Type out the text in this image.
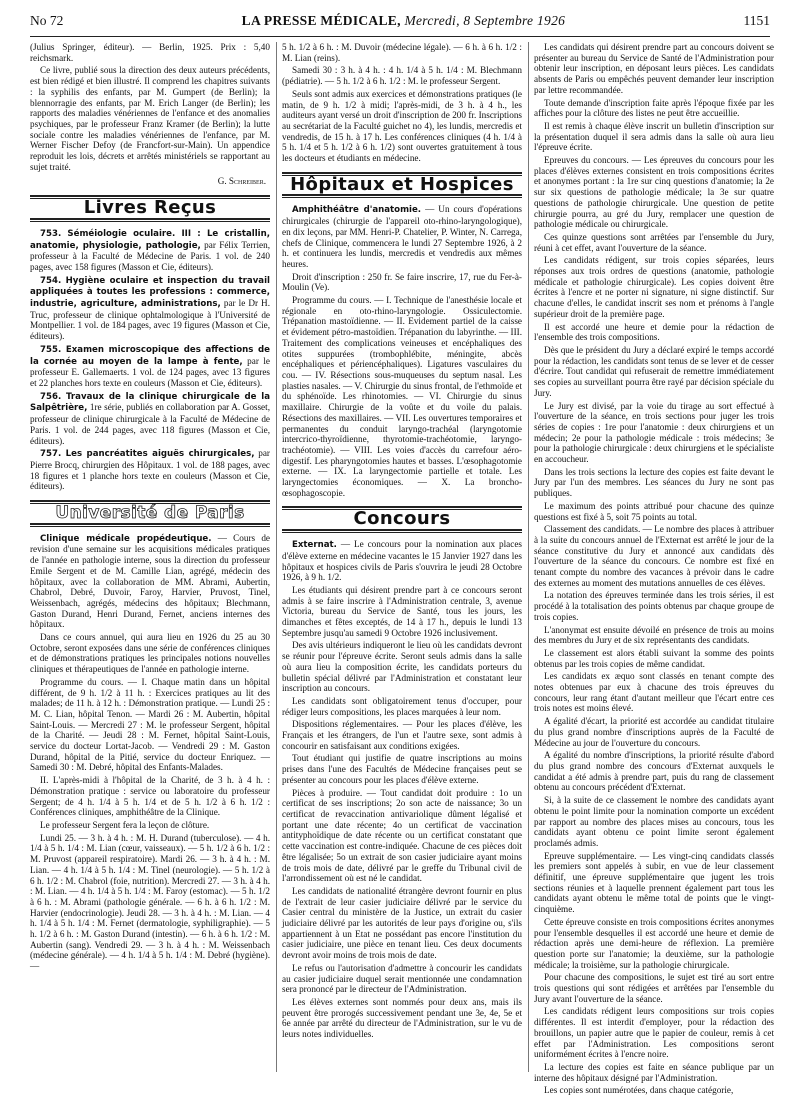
No 72	LA PRESSE MÉDICALE, Mercredi, 8 Septembre 1926	1151

(Julius Springer, éditeur). — Berlin, 1925. Prix : 5,40 reichsmark.

Ce livre, publié sous la direction des deux auteurs précédents, est bien rédigé et bien illustré. Il comprend les chapitres suivants : la syphilis des enfants, par M. Gumpert (de Berlin); la blennorragie des enfants, par M. Erich Langer (de Berlin); les rapports des maladies vénériennes de l'enfance et des anomalies psychiques, par le professeur Franz Kramer (de Berlin); la lutte sociale contre les maladies vénériennes de l'enfance, par M. Werner Fischer Defoy (de Francfort-sur-Main). Un appendice reproduit les lois, décrets et arrêtés ministériels se rapportant au sujet traité.

G. Schreiber.
Livres Reçus

753. Séméiologie oculaire. III : Le cristallin, anatomie, physiologie, pathologie, par Félix Terrien, professeur à la Faculté de Médecine de Paris. 1 vol. de 240 pages, avec 158 figures (Masson et Cie, éditeurs).

754. Hygiène oculaire et inspection du travail appliquées à toutes les professions : commerce, industrie, agriculture, administrations, par le Dr H. Truc, professeur de clinique ophtalmologique à l'Université de Montpellier. 1 vol. de 184 pages, avec 19 figures (Masson et Cie, éditeurs).

755. Examen microscopique des affections de la cornée au moyen de la lampe à fente, par le professeur E. Gallemaerts. 1 vol. de 124 pages, avec 13 figures et 22 planches hors texte en couleurs (Masson et Cie, éditeurs).

756. Travaux de la clinique chirurgicale de la Salpêtrière, 1re série, publiés en collaboration par A. Gosset, professeur de clinique chirurgicale à la Faculté de Médecine de Paris. 1 vol. de 244 pages, avec 118 figures (Masson et Cie, éditeurs).

757. Les pancréatites aiguës chirurgicales, par Pierre Brocq, chirurgien des Hôpitaux. 1 vol. de 188 pages, avec 18 figures et 1 planche hors texte en couleurs (Masson et Cie, éditeurs).

Université de Paris

Clinique médicale propédeutique. — Cours de revision d'une semaine sur les acquisitions médicales pratiques de l'année en pathologie interne, sous la direction du professeur Emile Sergent et de M. Camille Lian, agrégé, médecin des hôpitaux, avec la collaboration de MM. Abrami, Aubertin, Chabrol, Debré, Duvoir, Faroy, Harvier, Pruvost, Tinel, Weissenbach, agrégés, médecins des hôpitaux; Blechmann, Gaston Durand, Henri Durand, Fernet, anciens internes des hôpitaux.

Dans ce cours annuel, qui aura lieu en 1926 du 25 au 30 Octobre, seront exposées dans une série de conférences cliniques et de démonstrations pratiques les principales notions nouvelles cliniques et thérapeutiques de l'année en pathologie interne.

Programme du cours. — I. Chaque matin dans un hôpital différent, de 9 h. 1/2 à 11 h. : Exercices pratiques au lit des malades; de 11 h. à 12 h. : Démonstration pratique. — Lundi 25 : M. C. Lian, hôpital Tenon. — Mardi 26 : M. Aubertin, hôpital Saint-Louis. — Mercredi 27 : M. le professeur Sergent, hôpital de la Charité. — Jeudi 28 : M. Fernet, hôpital Saint-Louis, service du docteur Lortat-Jacob. — Vendredi 29 : M. Gaston Durand, hôpital de la Pitié, service du docteur Enriquez. — Samedi 30 : M. Debré, hôpital des Enfants-Malades.

II. L'après-midi à l'hôpital de la Charité, de 3 h. à 4 h. : Démonstration pratique : service ou laboratoire du professeur Sergent; de 4 h. 1/4 à 5 h. 1/4 et de 5 h. 1/2 à 6 h. 1/2 : Conférences cliniques, amphithéâtre de la Clinique.

Le professeur Sergent fera la leçon de clôture.

Lundi 25. — 3 h. à 4 h. : M. H. Durand (tuberculose). — 4 h. 1/4 à 5 h. 1/4 : M. Lian (cœur, vaisseaux). — 5 h. 1/2 à 6 h. 1/2 : M. Pruvost (appareil respiratoire). Mardi 26. — 3 h. à 4 h. : M. Lian. — 4 h. 1/4 à 5 h. 1/4 : M. Tinel (neurologie). — 5 h. 1/2 à 6 h. 1/2 : M. Chabrol (foie, nutrition). Mercredi 27. — 3 h. à 4 h. : M. Lian. — 4 h. 1/4 à 5 h. 1/4 : M. Faroy (estomac). — 5 h. 1/2 à 6 h. : M. Abrami (pathologie générale. — 6 h. à 6 h. 1/2 : M. Harvier (endocrinologie). Jeudi 28. — 3 h. à 4 h. : M. Lian. — 4 h. 1/4 à 5 h. 1/4 : M. Fernet (dermatologie, syphiligraphie). — 5 h. 1/2 à 6 h. : M. Gaston Durand (intestin). — 6 h. à 6 h. 1/2 : M. Aubertin (sang). Vendredi 29. — 3 h. à 4 h. : M. Weissenbach (médecine générale). — 4 h. 1/4 à 5 h. 1/4 : M. Debré (hygiène). —

5 h. 1/2 à 6 h. : M. Duvoir (médecine légale). — 6 h. à 6 h. 1/2 : M. Lian (reins).

Samedi 30 : 3 h. à 4 h. : 4 h. 1/4 à 5 h. 1/4 : M. Blechmann (pédiatrie). — 5 h. 1/2 à 6 h. 1/2 : M. le professeur Sergent.

Seuls sont admis aux exercices et démonstrations pratiques (le matin, de 9 h. 1/2 à midi; l'après-midi, de 3 h. à 4 h., les auditeurs ayant versé un droit d'inscription de 200 fr. Inscriptions au secrétariat de la Faculté guichet no 4), les lundis, mercredis et vendredis, de 15 h. à 17 h. Les conférences cliniques (4 h. 1/4 à 5 h. 1/4 et 5 h. 1/2 à 6 h. 1/2) sont ouvertes gratuitement à tous les docteurs et étudiants en médecine.

Hôpitaux et Hospices

Amphithéâtre d'anatomie. — Un cours d'opérations chirurgicales (chirurgie de l'appareil oto-rhino-laryngologique), en dix leçons, par MM. Henri-P. Chatelier, P. Winter, N. Carrega, chefs de Clinique, commencera le lundi 27 Septembre 1926, à 2 h. et continuera les lundis, mercredis et vendredis aux mêmes heures.

Droit d'inscription : 250 fr. Se faire inscrire, 17, rue du Fer-à-Moulin (Ve).

Programme du cours. — I. Technique de l'anesthésie locale et régionale en oto-rhino-laryngologie. Ossiculectomie. Trépanation mastoïdienne. — II. Evidement partiel de la caisse et évidement pétro-mastoïdien. Trépanation du labyrinthe. — III. Traitement des complications veineuses et encéphaliques des otites suppurées (trombophlébite, méningite, abcès encéphaliques et périencéphaliques). Ligatures vasculaires du cou. — IV. Résections sous-muqueuses du septum nasal. Les plasties nasales. — V. Chirurgie du sinus frontal, de l'ethmoïde et du sphénoïde. Les rhinotomies. — VI. Chirurgie du sinus maxillaire. Chirurgie de la voûte et du voile du palais. Résections des maxillaires. — VII. Les ouvertures temporaires et permanentes du conduit laryngo-trachéal (laryngotomie intercrico-thyroïdienne, thyrotomie-trachéotomie, laryngo-trachéotomie). — VIII. Les voies d'accès du carrefour aéro-digestif. Les pharyngotomies hautes et basses. L'œsophagotomie externe. — IX. La laryngectomie partielle et totale. Les laryngectomies économiques. — X. La broncho-œsophagoscopie.

Concours

Externat. — Le concours pour la nomination aux places d'élève externe en médecine vacantes le 15 Janvier 1927 dans les hôpitaux et hospices civils de Paris s'ouvrira le jeudi 28 Octobre 1926, à 9 h. 1/2.

Les étudiants qui désirent prendre part à ce concours seront admis à se faire inscrire à l'Administration centrale, 3, avenue Victoria, bureau du Service de Santé, tous les jours, les dimanches et fêtes exceptés, de 14 à 17 h., depuis le lundi 13 Septembre jusqu'au samedi 9 Octobre 1926 inclusivement.

Des avis ultérieurs indiqueront le lieu où les candidats devront se réunir pour l'épreuve écrite. Seront seuls admis dans la salle où aura lieu la composition écrite, les candidats porteurs du bulletin spécial délivré par l'Administration et constatant leur inscription au concours.

Les candidats sont obligatoirement tenus d'occuper, pour rédiger leurs compositions, les places marquées à leur nom.

Dispositions réglementaires. — Pour les places d'élève, les Français et les étrangers, de l'un et l'autre sexe, sont admis à concourir en satisfaisant aux conditions exigées.

Tout étudiant qui justifie de quatre inscriptions au moins prises dans l'une des Facultés de Médecine françaises peut se présenter au concours pour les places d'élève externe.

Pièces à produire. — Tout candidat doit produire : 1o un certificat de ses inscriptions; 2o son acte de naissance; 3o un certificat de revaccination antivariolique dûment légalisé et portant une date récente; 4o un certificat de vaccination antityphoïdique de date récente ou un certificat constatant que cette vaccination est contre-indiquée. Chacune de ces pièces doit être légalisée; 5o un extrait de son casier judiciaire ayant moins de trois mois de date, délivré par le greffe du Tribunal civil de l'arrondissement où est né le candidat.

Les candidats de nationalité étrangère devront fournir en plus de l'extrait de leur casier judiciaire délivré par le service du Casier central du ministère de la Justice, un extrait du casier judiciaire délivré par les autorités de leur pays d'origine ou, s'ils appartiennent à un Etat ne possédant pas encore l'institution du casier judiciaire, une pièce en tenant lieu. Ces deux documents devront avoir moins de trois mois de date.

Le refus ou l'autorisation d'admettre à concourir les candidats au casier judiciaire duquel serait mentionnée une condamnation sera prononcé par le directeur de l'Administration.

Les élèves externes sont nommés pour deux ans, mais ils peuvent être prorogés successivement pendant une 3e, 4e, 5e et 6e année par arrêté du directeur de l'Administration, sur le vu de leurs notes individuelles.

Les candidats qui désirent prendre part au concours doivent se présenter au bureau du Service de Santé de l'Administration pour obtenir leur inscription, en déposant leurs pièces. Les candidats absents de Paris ou empêchés peuvent demander leur inscription par lettre recommandée.

Toute demande d'inscription faite après l'époque fixée par les affiches pour la clôture des listes ne peut être accueillie.

Il est remis à chaque élève inscrit un bulletin d'inscription sur la présentation duquel il sera admis dans la salle où aura lieu l'épreuve écrite.

Epreuves du concours. — Les épreuves du concours pour les places d'élèves externes consistent en trois compositions écrites et anonymes portant : la 1re sur cinq questions d'anatomie; la 2e sur six questions de pathologie médicale; la 3e sur quatre questions de pathologie chirurgicale. Une question de petite chirurgie pourra, au gré du Jury, remplacer une question de pathologie médicale ou chirurgicale.

Ces quinze questions sont arrêtées par l'ensemble du Jury, réuni à cet effet, avant l'ouverture de la séance.

Les candidats rédigent, sur trois copies séparées, leurs réponses aux trois ordres de questions (anatomie, pathologie médicale et pathologie chirurgicale). Les copies doivent être écrites à l'encre et ne porter ni signature, ni signe distinctif. Sur chacune d'elles, le candidat inscrit ses nom et prénoms à l'angle supérieur droit de la première page.

Il est accordé une heure et demie pour la rédaction de l'ensemble des trois compositions.

Dès que le président du Jury a déclaré expiré le temps accordé pour la rédaction, les candidats sont tenus de se lever et de cesser d'écrire. Tout candidat qui refuserait de remettre immédiatement ses copies au surveillant pourra être rayé par décision spéciale du Jury.

Le Jury est divisé, par la voie du tirage au sort effectué à l'ouverture de la séance, en trois sections pour juger les trois séries de copies : 1re pour l'anatomie : deux chirurgiens et un médecin; 2e pour la pathologie médicale : trois médecins; 3e pour la pathologie chirurgicale : deux chirurgiens et le spécialiste en accoucheur.

Dans les trois sections la lecture des copies est faite devant le Jury par l'un des membres. Les séances du Jury ne sont pas publiques.

Le maximum des points attribué pour chacune des quinze questions est fixé à 5, soit 75 points au total.

Classement des candidats. — Le nombre des places à attribuer à la suite du concours annuel de l'Externat est arrêté le jour de la séance constitutive du Jury et annoncé aux candidats dès l'ouverture de la séance du concours. Ce nombre est fixé en tenant compte du nombre des vacances à prévoir dans le cadre des externes au moment des mutations annuelles de ces élèves.

La notation des épreuves terminée dans les trois séries, il est procédé à la totalisation des points obtenus par chaque groupe de trois copies.

L'anonymat est ensuite dévoilé en présence de trois au moins des membres du Jury et de six représentants des candidats.

Le classement est alors établi suivant la somme des points obtenus par les trois copies de même candidat.

Les candidats ex æquo sont classés en tenant compte des notes obtenues par eux à chacune des trois épreuves du concours, leur rang étant d'autant meilleur que l'écart entre ces trois notes est moins élevé.

A égalité d'écart, la priorité est accordée au candidat titulaire du plus grand nombre d'inscriptions auprès de la Faculté de Médecine au jour de l'ouverture du concours.

A égalité du nombre d'inscriptions, la priorité résulte d'abord du plus grand nombre des concours d'Externat auxquels le candidat a été admis à prendre part, puis du rang de classement obtenu au concours précédent d'Externat.

Si, à la suite de ce classement le nombre des candidats ayant obtenu le point limite pour la nomination comporte un excédent par rapport au nombre des places mises au concours, tous les candidats ayant obtenu ce point limite seront également proclamés admis.

Epreuve supplémentaire. — Les vingt-cinq candidats classés les premiers sont appelés à subir, en vue de leur classement définitif, une épreuve supplémentaire que jugent les trois sections réunies et à laquelle prennent également part tous les candidats ayant obtenu le même total de points que le vingt-cinquième.

Cette épreuve consiste en trois compositions écrites anonymes pour l'ensemble desquelles il est accordé une heure et demie de rédaction après une demi-heure de réflexion. La première question porte sur l'anatomie; la deuxième, sur la pathologie médicale; la troisième, sur la pathologie chirurgicale.

Pour chacune des compositions, le sujet est tiré au sort entre trois questions qui sont rédigées et arrêtées par l'ensemble du Jury avant l'ouverture de la séance.

Les candidats rédigent leurs compositions sur trois copies différentes. Il est interdit d'employer, pour la rédaction des brouillons, un papier autre que le papier de couleur, remis à cet effet par l'Administration. Les compositions seront uniformément écrites à l'encre noire.

La lecture des copies est faite en séance publique par un interne des hôpitaux désigné par l'Administration.

Les copies sont numérotées, dans chaque catégorie,
